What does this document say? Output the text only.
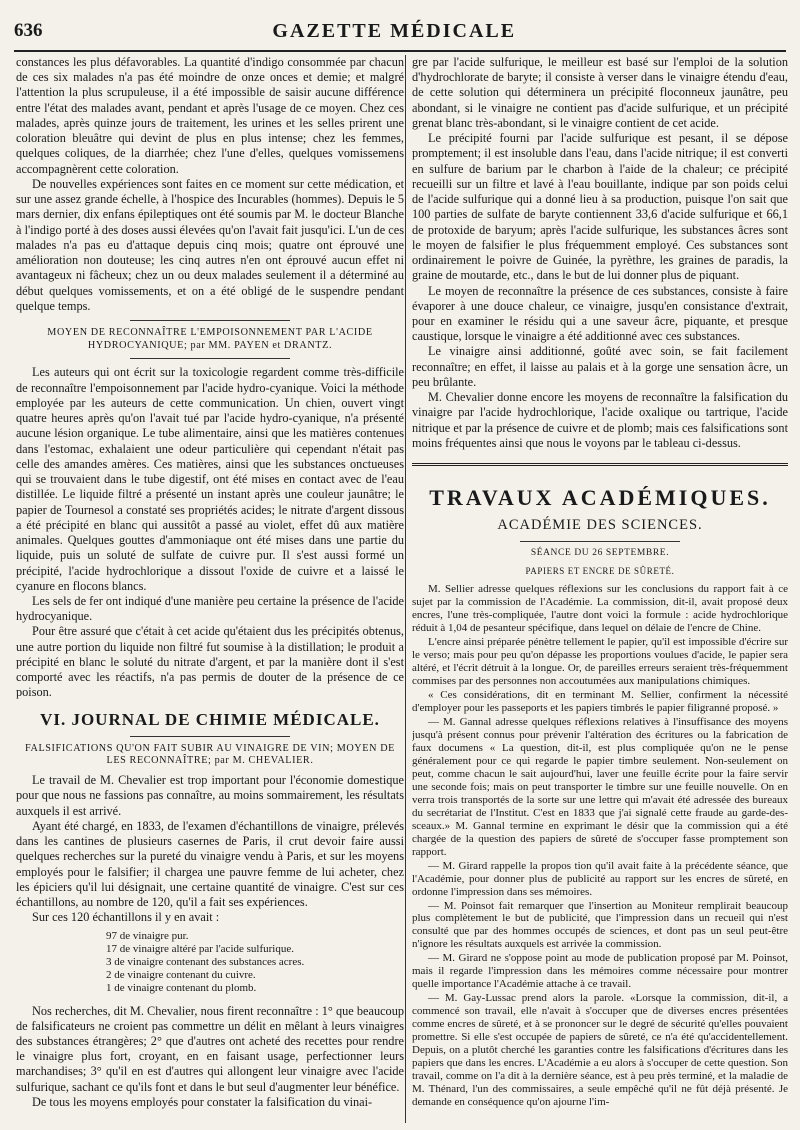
636	GAZETTE MÉDICALE

constances les plus défavorables. La quantité d'indigo consommée par chacun de ces six malades n'a pas été moindre de onze onces et demie; et malgré l'attention la plus scrupuleuse, il a été impossible de saisir aucune différence entre l'état des malades avant, pendant et après l'usage de ce moyen. Chez ces malades, après quinze jours de traitement, les urines et les selles prirent une coloration bleuâtre qui devint de plus en plus intense; chez les femmes, quelques coliques, de la diarrhée; chez l'une d'elles, quelques vomissemens accompagnèrent cette coloration.

De nouvelles expériences sont faites en ce moment sur cette médication, et sur une assez grande échelle, à l'hospice des Incurables (hommes). Depuis le 5 mars dernier, dix enfans épileptiques ont été soumis par M. le docteur Blanche à l'indigo porté à des doses aussi élevées qu'on l'avait fait jusqu'ici. L'un de ces malades n'a pas eu d'attaque depuis cinq mois; quatre ont éprouvé une amélioration non douteuse; les cinq autres n'en ont éprouvé aucun effet ni avantageux ni fâcheux; chez un ou deux malades seulement il a déterminé au début quelques vomissements, et on a été obligé de le suspendre pendant quelque temps.

MOYEN DE RECONNAÎTRE L'EMPOISONNEMENT PAR L'ACIDE HYDROCYANIQUE; par MM. PAYEN et DRANTZ.

Les auteurs qui ont écrit sur la toxicologie regardent comme très-difficile de reconnaître l'empoisonnement par l'acide hydro-cyanique. Voici la méthode employée par les auteurs de cette communication. Un chien, ouvert vingt quatre heures après qu'on l'avait tué par l'acide hydro-cyanique, n'a présenté aucune lésion organique. Le tube alimentaire, ainsi que les matières contenues dans l'estomac, exhalaient une odeur particulière qui cependant n'était pas celle des amandes amères. Ces matières, ainsi que les substances onctueuses qui se trouvaient dans le tube digestif, ont été mises en contact avec de l'eau distillée. Le liquide filtré a présenté un instant après une couleur jaunâtre; le papier de Tournesol a constaté ses propriétés acides; le nitrate d'argent dissous a été précipité en blanc qui aussitôt a passé au violet, effet dû aux matière animales. Quelques gouttes d'ammoniaque ont été mises dans une partie du liquide, puis un soluté de sulfate de cuivre pur. Il s'est aussi formé un précipité, l'acide hydrochlorique a dissout l'oxide de cuivre et a laissé le cyanure en flocons blancs.

Les sels de fer ont indiqué d'une manière peu certaine la présence de l'acide hydrocyanique.

Pour être assuré que c'était à cet acide qu'étaient dus les précipités obtenus, une autre portion du liquide non filtré fut soumise à la distillation; le produit a précipité en blanc le soluté du nitrate d'argent, et par la manière dont il s'est comporté avec les réactifs, n'a pas permis de douter de la présence de ce poison.

VI. JOURNAL DE CHIMIE MÉDICALE.
FALSIFICATIONS QU'ON FAIT SUBIR AU VINAIGRE DE VIN; MOYEN DE LES RECONNAÎTRE; par M. CHEVALIER.

Le travail de M. Chevalier est trop important pour l'économie domestique pour que nous ne fassions pas connaître, au moins sommairement, les résultats auxquels il est arrivé.

Ayant été chargé, en 1833, de l'examen d'échantillons de vinaigre, prélevés dans les cantines de plusieurs casernes de Paris, il crut devoir faire aussi quelques recherches sur la pureté du vinaigre vendu à Paris, et sur les moyens employés pour le falsifier; il chargea une pauvre femme de lui acheter, chez les épiciers qu'il lui désignait, une certaine quantité de vinaigre. C'est sur ces échantillons, au nombre de 120, qu'il a fait ses expériences.

Sur ces 120 échantillons il y en avait :

97 de vinaigre pur.
17 de vinaigre altéré par l'acide sulfurique.
3 de vinaigre contenant des substances acres.
2 de vinaigre contenant du cuivre.
1 de vinaigre contenant du plomb.

Nos recherches, dit M. Chevalier, nous firent reconnaître : 1° que beaucoup de falsificateurs ne croient pas commettre un délit en mêlant à leurs vinaigres des substances étrangères; 2° que d'autres ont acheté des recettes pour rendre le vinaigre plus fort, croyant, en en faisant usage, perfectionner leurs marchandises; 3° qu'il en est d'autres qui allongent leur vinaigre avec l'acide sulfurique, sachant ce qu'ils font et dans le but seul d'augmenter leur bénéfice.

De tous les moyens employés pour constater la falsification du vinai-

gre par l'acide sulfurique, le meilleur est basé sur l'emploi de la solution d'hydrochlorate de baryte; il consiste à verser dans le vinaigre étendu d'eau, de cette solution qui déterminera un précipité floconneux jaunâtre, peu abondant, si le vinaigre ne contient pas d'acide sulfurique, et un précipité grenat blanc très-abondant, si le vinaigre contient de cet acide.

Le précipité fourni par l'acide sulfurique est pesant, il se dépose promptement; il est insoluble dans l'eau, dans l'acide nitrique; il est converti en sulfure de barium par le charbon à l'aide de la chaleur; ce précipité recueilli sur un filtre et lavé à l'eau bouillante, indique par son poids celui de l'acide sulfurique qui a donné lieu à sa production, puisque l'on sait que 100 parties de sulfate de baryte contiennent 33,6 d'acide sulfurique et 66,1 de protoxide de baryum; après l'acide sulfurique, les substances âcres sont le moyen de falsifier le plus fréquemment employé. Ces substances sont ordinairement le poivre de Guinée, la pyrèthre, les graines de paradis, la graine de moutarde, etc., dans le but de lui donner plus de piquant.

Le moyen de reconnaître la présence de ces substances, consiste à faire évaporer à une douce chaleur, ce vinaigre, jusqu'en consistance d'extrait, pour en examiner le résidu qui a une saveur âcre, piquante, et presque caustique, lorsque le vinaigre a été additionné avec ces substances.

Le vinaigre ainsi additionné, goûté avec soin, se fait facilement reconnaître; en effet, il laisse au palais et à la gorge une sensation âcre, un peu brûlante.

M. Chevalier donne encore les moyens de reconnaître la falsification du vinaigre par l'acide hydrochlorique, l'acide oxalique ou tartrique, l'acide nitrique et par la présence de cuivre et de plomb; mais ces falsifications sont moins fréquentes ainsi que nous le voyons par le tableau ci-dessus.

TRAVAUX ACADÉMIQUES.
ACADÉMIE DES SCIENCES.
SÉANCE DU 26 SEPTEMBRE.
PAPIERS ET ENCRE DE SÛRETÉ.

M. Sellier adresse quelques réflexions sur les conclusions du rapport fait à ce sujet par la commission de l'Académie. La commission, dit-il, avait proposé deux encres, l'une très-compliquée, l'autre dont voici la formule : acide hydrochlorique réduit à 1,04 de pesanteur spécifique, dans lequel on délaie de l'encre de Chine.

L'encre ainsi préparée pénètre tellement le papier, qu'il est impossible d'écrire sur le verso; mais pour peu qu'on dépasse les proportions voulues d'acide, le papier sera altéré, et l'écrit détruit à la longue. Or, de pareilles erreurs seraient très-fréquemment commises par des personnes non accoutumées aux manipulations chimiques.

« Ces considérations, dit en terminant M. Sellier, confirment la nécessité d'employer pour les passeports et les papiers timbrés le papier filigranné proposé. »

— M. Gannal adresse quelques réflexions relatives à l'insuffisance des moyens jusqu'à présent connus pour prévenir l'altération des écritures ou la fabrication de faux documens « La question, dit-il, est plus compliquée qu'on ne le pense généralement pour ce qui regarde le papier timbre seulement. Non-seulement on peut, comme chacun le sait aujourd'hui, laver une feuille écrite pour la faire servir une seconde fois; mais on peut transporter le timbre sur une feuille nouvelle. On en verra trois transportés de la sorte sur une lettre qui m'avait été adressée des bureaux du secrétariat de l'Institut. C'est en 1833 que j'ai signalé cette fraude au garde-des-sceaux.» M. Gannal termine en exprimant le désir que la commission qui a été chargée de la question des papiers de sûreté de s'occuper fasse promptement son rapport.

— M. Girard rappelle la propos tion qu'il avait faite à la précédente séance, que l'Académie, pour donner plus de publicité au rapport sur les encres de sûreté, en ordonne l'impression dans ses mémoires.

— M. Poinsot fait remarquer que l'insertion au Moniteur remplirait beaucoup plus complètement le but de publicité, que l'impression dans un recueil qui n'est consulté que par des hommes occupés de sciences, et dont pas un seul peut-être n'ignore les résultats auxquels est arrivée la commission.

— M. Girard ne s'oppose point au mode de publication proposé par M. Poinsot, mais il regarde l'impression dans les mémoires comme nécessaire pour montrer quelle importance l'Académie attache à ce travail.

— M. Gay-Lussac prend alors la parole. «Lorsque la commission, dit-il, a commencé son travail, elle n'avait à s'occuper que de diverses encres présentées comme encres de sûreté, et à se prononcer sur le degré de sécurité qu'elles pouvaient promettre. Si elle s'est occupée de papiers de sûreté, ce n'a été qu'accidentellement. Depuis, on a plutôt cherché les garanties contre les falsifications d'écritures dans les papiers que dans les encres. L'Académie a eu alors à s'occuper de cette question. Son travail, comme on l'a dit à la dernière séance, est à peu près terminé, et la maladie de M. Thénard, l'un des commissaires, a seule empêché qu'il ne fût déjà présenté. Je demande en conséquence qu'on ajourne l'im-
